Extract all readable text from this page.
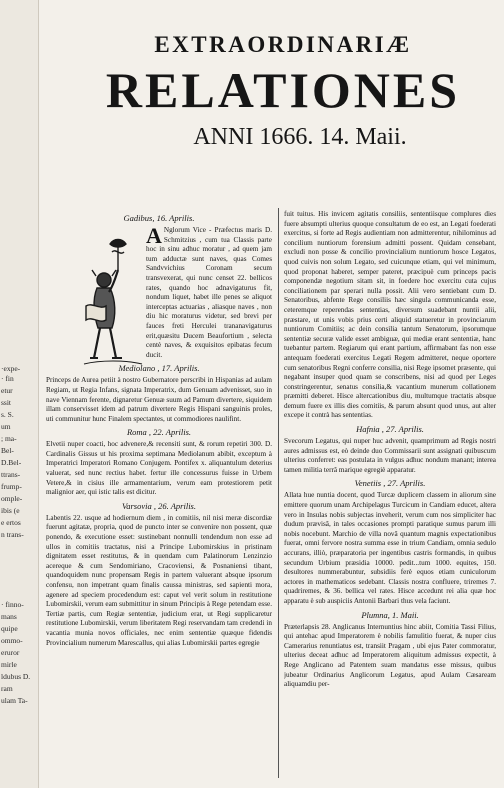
·expe-
· fin
etur
ssit
s. S.
um
; ma-
Bel-
D.Bel-
ttrans-
frump-
omple-
ibis (e
e ertos
n trans-
· finno-
mans
quipe
ommo-
eruror
mirle
ldubus D.
ram
ulam Ta-
EXTRAORDINARIÆ
RELATIONES
ANNI 1666. 14. Maii.
Gadibus, 16. Aprilis.

A Nglorum Vice - Præfectus maris D. Schmitzius , cum tua Classis parte hoc in sinu adhuc moratur , ad quem jam tum adductæ sunt naves, quas Comes Sandvvichius Coronam secum transvexerat, qui nunc censet 22. bellicos rates, quando hoc adnavigaturus fit, nondum liquet, habet ille penes se aliquot interceptas actuarias , aliasque naves , non diu hic moraturus videtur, sed brevi per fauces freti Herculei trananavigaturus erit,quæsitu Ducem Beaufortium , selecta centè naves, & exquisitos epibatas fecum ducit.

Mediolano , 17. Aprilis.

Princeps de Aurea petiit à nostro Gubernatore perscribi in Hispanias ad aulam Regiam, ut Regia Infans, signata Imperatrix, dum Genuam advenisset, suo in nave Viennam ferente, dignaretur Genuæ suum ad Pamum divertere, siquidem illam conservisset idem ad patrum divertere Regis Hispani sanguinis proles, uti communitur hunc Finalem spectantes, ut commodiores naulifint.

Roma , 22. Aprilis.

Elvetii nuper coacti, hoc advenere,& recensiti sunt, & rorum repetiri 300. D. Cardinalis Gissus ut his proxima septimana Mediolanum abibit, exceptum à Imperatrici Imperatori Romano Conjugem. Pontifex x. aliquantulum deterius valuerat, sed nunc rectius habet. fertur ille concessurus fuisse in Urbem Vetere,& in cisius ille armamentarium, verum eam protestiorem petit malignior aer, qui istic talis est dicitur.

Varsovia , 26. Aprilis.

Labentis 22. usque ad hodiernum diem , in comitiis, nil nisi meræ discordiæ fuerunt agitatæ, propria, quod de puncto inter se convenire non possent, quæ ponendo, & executione esset: sustinebant nonnulli tendendum non esse ad ullos in comitiis tractatus, nisi a Principe Lubomirskius in pristinam dignitatem esset restitutus, & in quendam cum Palatinorum Lenzinzio acereque & cum Sendomiriano, Cracoviensi, & Posnaniensi tibant, quandoquidem nunc propensam Regis in partem valuerant absque ipsorum confensu, non impetrant quam finalis caussa ministras, sed sapienti mora, agenere ad speciem procedendum est: caput vel verit solum in restitutione Lubomirskii, verum eam submittitur in sinum Principis à Rege petendam esse. Tertiæ partis, cum Regiæ sententiæ, judicium erat, ut Regi supplicaretur restitutione Lubomirskii, verum liberitatem Regi reservandam tam credendi in vacantia munia novos officiales, nec enim sententiæ quæque fidendis Provincialium numerum Marescallus, qui alias Lubomirskii partes egregie

fuit tuitus. His invicem agitatis consiliis, sententiisque complures dies fuere absumpti ulterius quoque consultatum de eo est, an Legati foederati exercitus, si forte ad Regis audientiam non admitterentur, nihilominus ad concilium nuntiorum forensium admitti possent. Quidam censebant, excludi non posse & concilio provincialium nuntiorum hosce Legatos, quod cuivis non solum Legato, sed cuicunque etiam, qui vel minimum, quod proponat haberet, semper pateret, præcipuè cum princeps pacis componendæ negotium sitam sit, in foedere hoc exercitu cuta cujus conciliationem par sperari nulla possit. Alii vero sentiebant cum D. Senatoribus, abfente Rege consiliis hæc singula communicanda esse, ceteremque reperendas sententias, diversum suadebant nuntii alii, præstare, ut unis vobis prius certi aliquid statueretur in provinciarum nuntiorum Comitiis; ac dein consilia tantum Senatorum, ipsorumque sententiæ securæ valide esset ambiguæ, qui mediæ erant sententiæ, hanc tuebantur partem. Regiarum qui erant partium, affirmabant fas non esse antequam foederati exercitus Legati Regem admitteret, neque oportere cum senatoribus Regni conferre consilia, nisi Rege ipsomet præsente, qui negabant insuper quod quam se conscribens, nisi ad quod per Leges constringerentur, senatus consilia,& vacantium munerum collationem præmitti deberet. Hisce altercationibus diu, multumque tractatis absque demum fuere ex illis dies comitiis, & parum absunt quod unus, aut alter excepe it contrà has sententias.

Hafnia , 27. Aprilis.

Svecorum Legatus, qui nuper huc advenit, quamprimum ad Regis nostri aures admissus est, eò deinde duo Commissarii sunt assignati quibuscum ulterius conferret: eas postulata in vulgus adhuc nondum manant; interea tamen militia terrâ marique egregiè apparatur.

Venetiis , 27. Aprilis.

Allata hue nuntia docent, quod Turcæ duplicem classem in aliorum sine emittere quorum unam Archipelagus Turcicum in Candiam educet, altera vero in Insulas nobis subjectas inveherit, verum cum nos simpliciter hac dudum prævisâ, in tales occasiones prompti paratique sumus parum illi nobis nocebunt. Marchio de villa novâ quantum magnis expectationibus fuerat, omni fervore nostra summa esse in trium Candiam, omnia sedulo accurans, illiò, præparatoria per ingentibus castris formandis, in quibus secundum Urbium præsidia 10000. pedit...tum 1000. equites, 150. desultores nummerabuntur, subsidiis ferè equos etiam cuniculorum actores in mathematicos sedebant. Classis nostra confluere, triremes 7. quadriremes, & 36. bellica vel rates. Hisce accedunt rei alia quæ hoc apparatu è sub auspiciis Antonii Barbari thus vela faciunt.

Plumna, 1. Maii.

Præterlapsis 28. Anglicanus Internuntius hinc abiit, Comitia Tassi Filius, qui antehac apud Imperatorem è nobilis famulitio fuerat, & nuper cius Camerarius renuntiatus est, transiit Pragam , ubi ejus Pater commoratur, ulterius deceat adhuc ad Imperatorem aliquitum admissus expectit, à Rege Anglicano ad Patentem suam mandatus esse missus, quibus jubeatur Ordinarius Anglicorum Legatus, apud Aulam Cæsaream aliquamdiu per-
